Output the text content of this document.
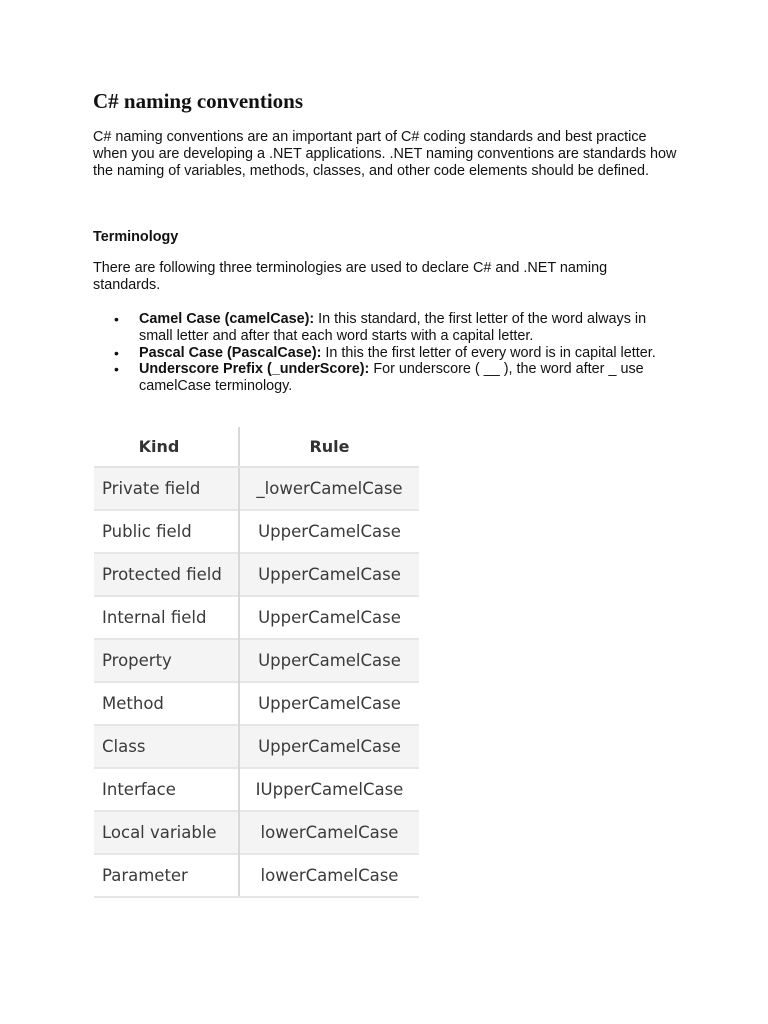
C# naming conventions

C# naming conventions are an important part of C# coding standards and best practice when you are developing a .NET applications. .NET naming conventions are standards how the naming of variables, methods, classes, and other code elements should be defined.

Terminology

There are following three terminologies are used to declare C# and .NET naming standards.

• Camel Case (camelCase): In this standard, the first letter of the word always in small letter and after that each word starts with a capital letter.
• Pascal Case (PascalCase): In this the first letter of every word is in capital letter.
• Underscore Prefix (_underScore): For underscore ( __ ), the word after _ use camelCase terminology.
Kind	Rule
Private field	_lowerCamelCase
Public field	UpperCamelCase
Protected field	UpperCamelCase
Internal field	UpperCamelCase
Property	UpperCamelCase
Method	UpperCamelCase
Class	UpperCamelCase
Interface	IUpperCamelCase
Local variable	lowerCamelCase
Parameter	lowerCamelCase
